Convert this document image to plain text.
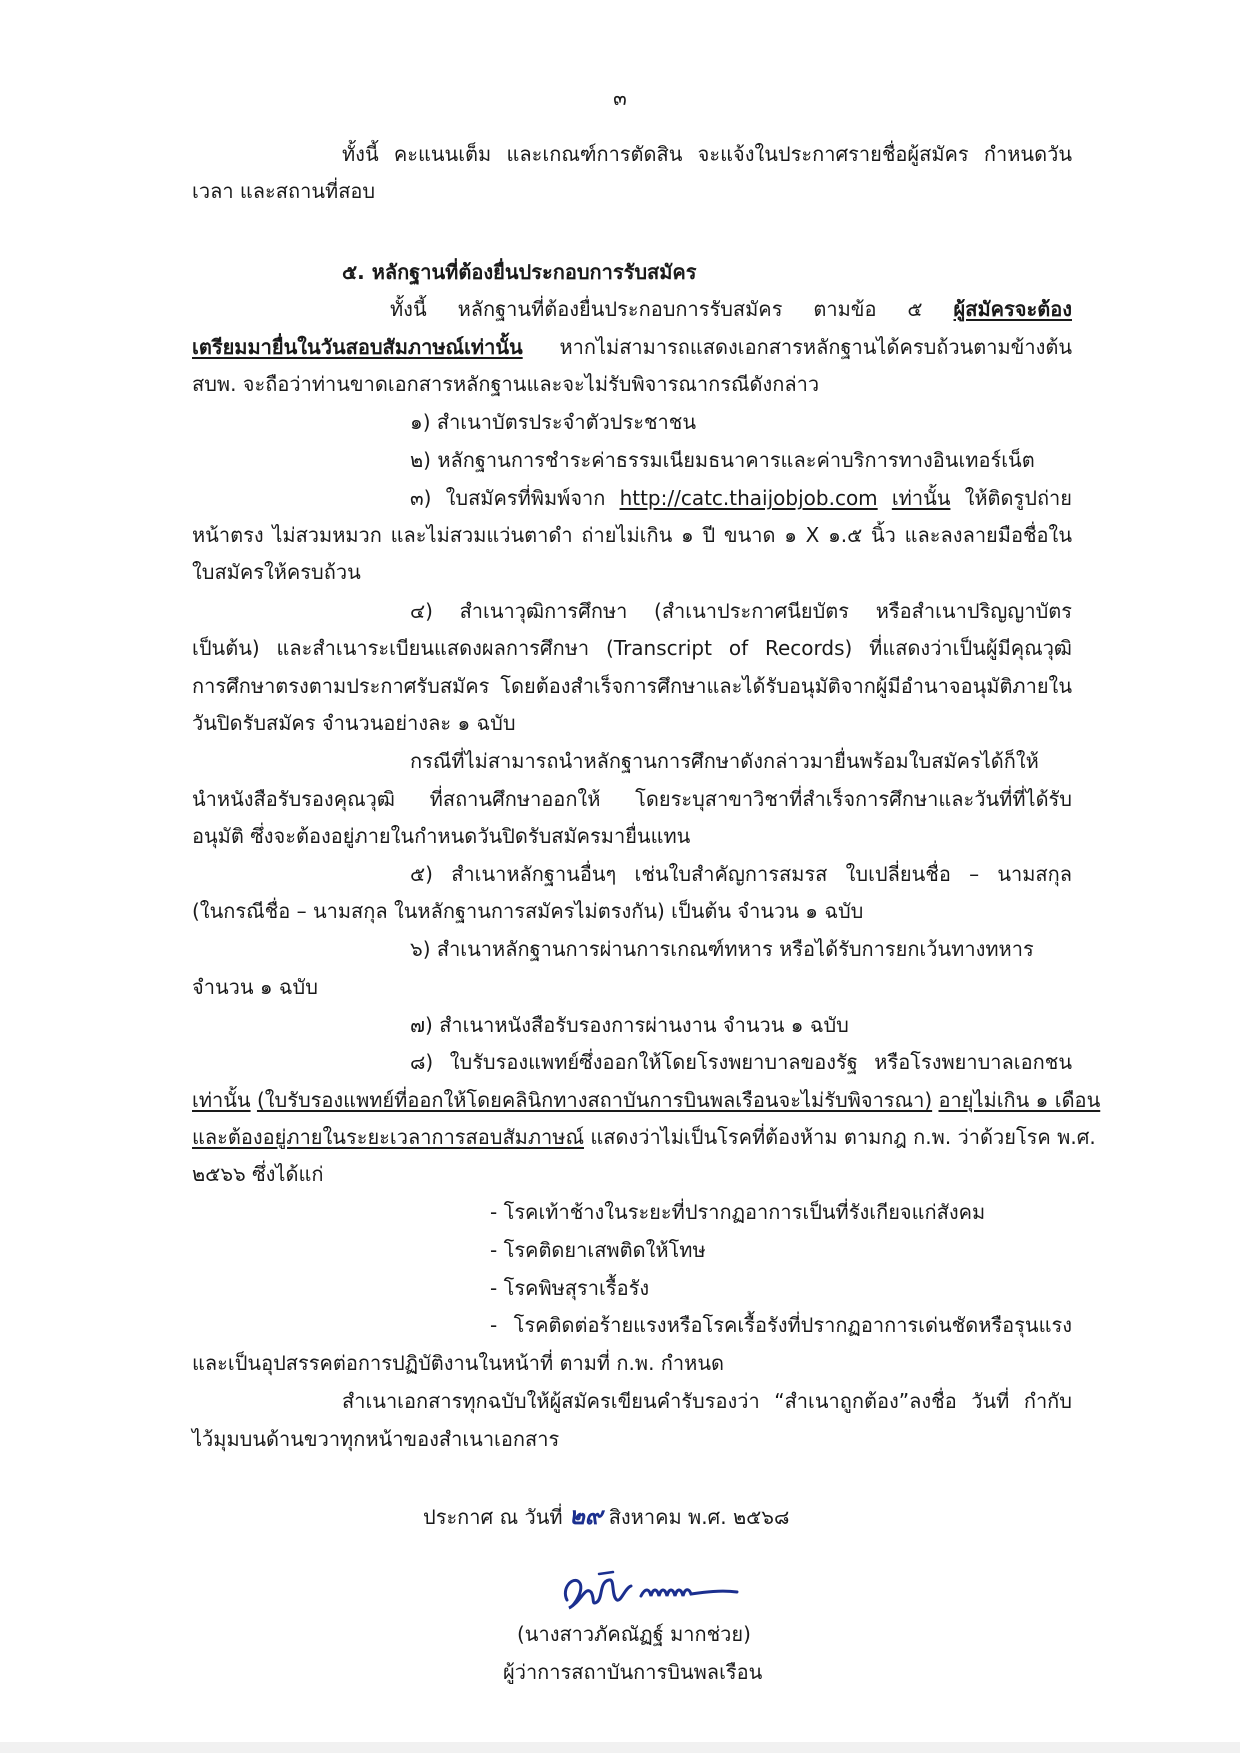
๓
ทั้งนี้ คะแนนเต็ม และเกณฑ์การตัดสิน จะแจ้งในประกาศรายชื่อผู้สมัคร กำหนดวัน
เวลา และสถานที่สอบ
๕. หลักฐานที่ต้องยื่นประกอบการรับสมัคร
ทั้งนี้ หลักฐานที่ต้องยื่นประกอบการรับสมัคร ตามข้อ ๕ ผู้สมัครจะต้อง
เตรียมมายื่นในวันสอบสัมภาษณ์เท่านั้น หากไม่สามารถแสดงเอกสารหลักฐานได้ครบถ้วนตามข้างต้น
สบพ. จะถือว่าท่านขาดเอกสารหลักฐานและจะไม่รับพิจารณากรณีดังกล่าว
๑) สำเนาบัตรประจำตัวประชาชน
๒) หลักฐานการชำระค่าธรรมเนียมธนาคารและค่าบริการทางอินเทอร์เน็ต
๓) ใบสมัครที่พิมพ์จาก http://catc.thaijobjob.com เท่านั้น ให้ติดรูปถ่าย
หน้าตรง ไม่สวมหมวก และไม่สวมแว่นตาดำ ถ่ายไม่เกิน ๑ ปี ขนาด ๑ X ๑.๕ นิ้ว และลงลายมือชื่อใน
ใบสมัครให้ครบถ้วน
๔) สำเนาวุฒิการศึกษา (สำเนาประกาศนียบัตร หรือสำเนาปริญญาบัตร
เป็นต้น) และสำเนาระเบียนแสดงผลการศึกษา (Transcript of Records) ที่แสดงว่าเป็นผู้มีคุณวุฒิ
การศึกษาตรงตามประกาศรับสมัคร โดยต้องสำเร็จการศึกษาและได้รับอนุมัติจากผู้มีอำนาจอนุมัติภายใน
วันปิดรับสมัคร จำนวนอย่างละ ๑ ฉบับ
กรณีที่ไม่สามารถนำหลักฐานการศึกษาดังกล่าวมายื่นพร้อมใบสมัครได้ก็ให้
นำหนังสือรับรองคุณวุฒิ ที่สถานศึกษาออกให้ โดยระบุสาขาวิชาที่สำเร็จการศึกษาและวันที่ที่ได้รับ
อนุมัติ ซึ่งจะต้องอยู่ภายในกำหนดวันปิดรับสมัครมายื่นแทน
๕) สำเนาหลักฐานอื่นๆ เช่นใบสำคัญการสมรส ใบเปลี่ยนชื่อ – นามสกุล
(ในกรณีชื่อ – นามสกุล ในหลักฐานการสมัครไม่ตรงกัน) เป็นต้น จำนวน ๑ ฉบับ
๖) สำเนาหลักฐานการผ่านการเกณฑ์ทหาร หรือได้รับการยกเว้นทางทหาร
จำนวน ๑ ฉบับ
๗) สำเนาหนังสือรับรองการผ่านงาน จำนวน ๑ ฉบับ
๘) ใบรับรองแพทย์ซึ่งออกให้โดยโรงพยาบาลของรัฐ หรือโรงพยาบาลเอกชน
เท่านั้น (ใบรับรองแพทย์ที่ออกให้โดยคลินิกทางสถาบันการบินพลเรือนจะไม่รับพิจารณา) อายุไม่เกิน ๑ เดือน
และต้องอยู่ภายในระยะเวลาการสอบสัมภาษณ์ แสดงว่าไม่เป็นโรคที่ต้องห้าม ตามกฎ ก.พ. ว่าด้วยโรค พ.ศ.
๒๕๖๖ ซึ่งได้แก่
- โรคเท้าช้างในระยะที่ปรากฏอาการเป็นที่รังเกียจแก่สังคม
- โรคติดยาเสพติดให้โทษ
- โรคพิษสุราเรื้อรัง
- โรคติดต่อร้ายแรงหรือโรคเรื้อรังที่ปรากฏอาการเด่นชัดหรือรุนแรง
และเป็นอุปสรรคต่อการปฏิบัติงานในหน้าที่ ตามที่ ก.พ. กำหนด
สำเนาเอกสารทุกฉบับให้ผู้สมัครเขียนคำรับรองว่า “สำเนาถูกต้อง”ลงชื่อ วันที่ กำกับ
ไว้มุมบนด้านขวาทุกหน้าของสำเนาเอกสาร
ประกาศ ณ วันที่ ๒๙ สิงหาคม พ.ศ. ๒๕๖๘
(นางสาวภัคณัฏฐ์ มากช่วย)
ผู้ว่าการสถาบันการบินพลเรือน
